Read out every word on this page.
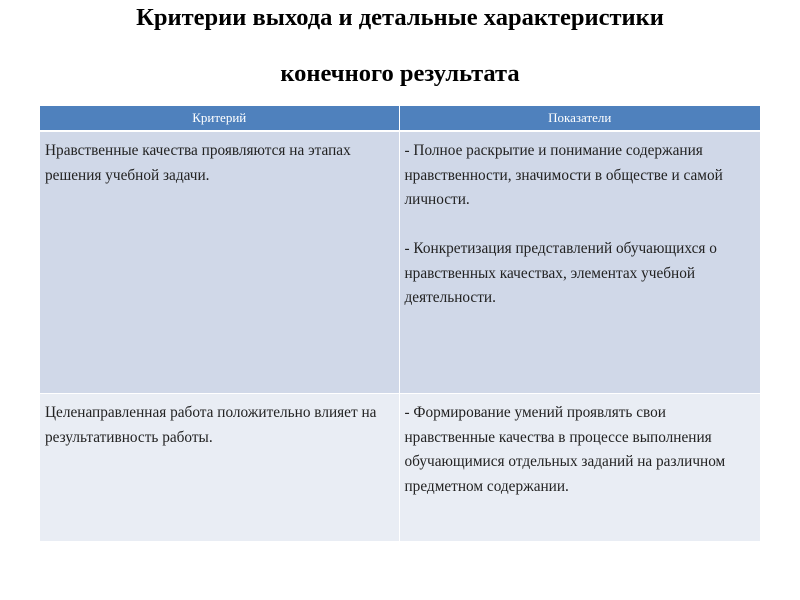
Критерии выхода и детальные характеристики
конечного результата
Критерий	Показатели
Нравственные качества проявляются на этапах решения учебной задачи.	- Полное раскрытие и понимание содержания нравственности, значимости в обществе и самой личности.

- Конкретизация представлений обучающихся о нравственных качествах, элементах учебной деятельности.

Целенаправленная работа положительно влияет на результативность работы.	- Формирование умений проявлять свои нравственные качества в процессе выполнения обучающимися отдельных заданий на различном предметном содержании.
